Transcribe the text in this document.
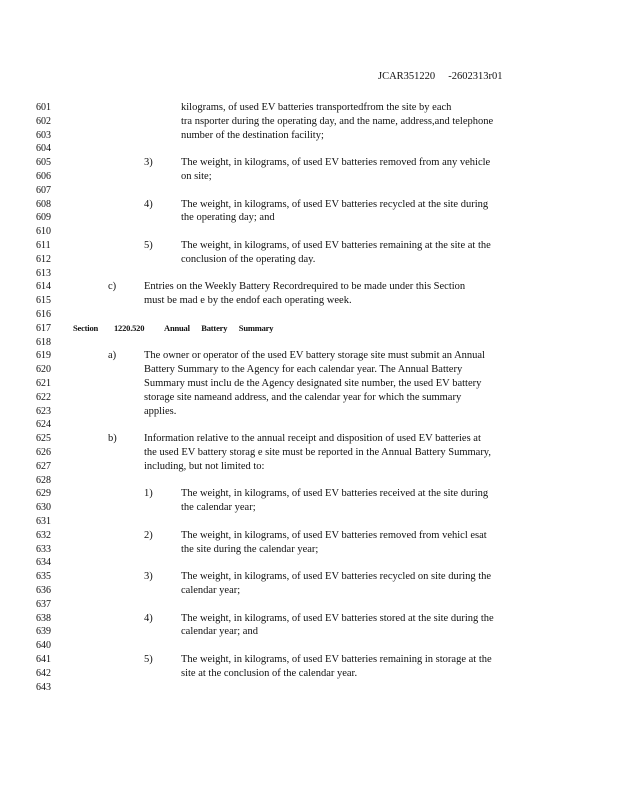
JCAR351220     -2602313r01
601
602
603
604
605
606
607
608
609
610
611
612
613
614
615
616
617
618
619
620
621
622
623
624
625
626
627
628
629
630
631
632
633
634
635
636
637
638
639
640
641
642
643
kilograms, of used EV batteries transportedfrom the site by each
tra nsporter during the operating day, and the name, address,and telephone
number of the destination facility;
3)	The weight, in kilograms, of used EV batteries removed from any vehicle
on site;
4)	The weight, in kilograms, of used EV batteries recycled at the site during
the operating day; and
5)	The weight, in kilograms, of used EV batteries remaining at the site at the
conclusion of the operating day.
c)	Entries on the Weekly Battery Recordrequired to be made under this Section
must be mad e by the endof each operating week.
Section 1220.520 Annual      Battery      Summary
a)	The owner or operator of the used EV battery storage site must submit an Annual
Battery Summary to the Agency for each calendar year. The Annual Battery
Summary must inclu de the Agency designated site number, the used EV battery
storage site nameand address, and the calendar year for which the summary
applies.
b)	Information relative to the annual receipt and disposition of used EV batteries at
the used EV battery storag e site must be reported in the Annual Battery Summary,
including, but not limited to:
1)	The weight, in kilograms, of used EV batteries received at the site during
the calendar year;
2)	The weight, in kilograms, of used EV batteries removed from vehicl esat
the site during the calendar year;
3)	The weight, in kilograms, of used EV batteries recycled on site during the
calendar year;
4)	The weight, in kilograms, of used EV batteries stored at the site during the
calendar year; and
5)	The weight, in kilograms, of used EV batteries remaining in storage at the
site at the conclusion of the calendar year.
